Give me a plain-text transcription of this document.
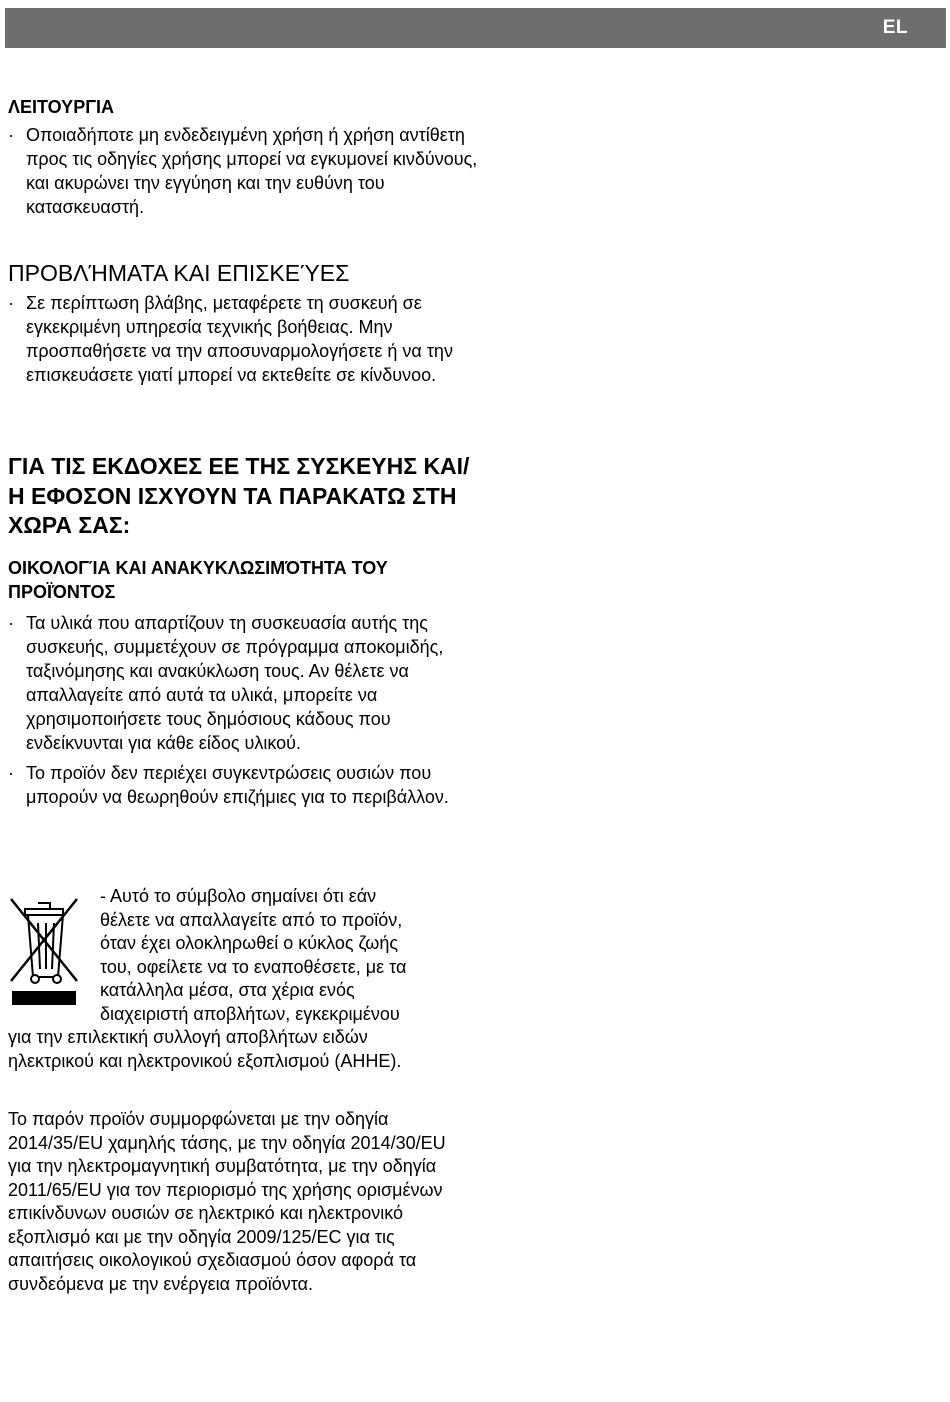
EL
ΛΕΙΤΟΥΡΓΙΑ
· Οποιαδήποτε μη ενδεδειγμένη χρήση ή χρήση αντίθετη προς τις οδηγίες χρήσης μπορεί να εγκυμονεί κινδύνους, και ακυρώνει την εγγύηση και την ευθύνη του κατασκευαστή.
ΠΡΟΒΛΉΜΑΤΑ ΚΑΙ ΕΠΙΣΚΕΎΕΣ
· Σε περίπτωση βλάβης, μεταφέρετε τη συσκευή σε εγκεκριμένη υπηρεσία τεχνικής βοήθειας. Μην προσπαθήσετε να την αποσυναρμολογήσετε ή να την επισκευάσετε γιατί μπορεί να εκτεθείτε σε κίνδυνοο.
ΓΙΑ ΤΙΣ ΕΚΔΟΧΕΣ ΕΕ ΤΗΣ ΣΥΣΚΕΥΗΣ ΚΑΙ/Η ΕΦΟΣΟΝ ΙΣΧΥΟΥΝ ΤΑ ΠΑΡΑΚΑΤΩ ΣΤΗ ΧΩΡΑ ΣΑΣ:
ΟΙΚΟΛΟΓΊΑ ΚΑΙ ΑΝΑΚΥΚΛΩΣΙΜΌΤΗΤΑ ΤΟΥ ΠΡΟΪΌΝΤΟΣ
· Τα υλικά που απαρτίζουν τη συσκευασία αυτής της συσκευής, συμμετέχουν σε πρόγραμμα αποκομιδής, ταξινόμησης και ανακύκλωση τους. Αν θέλετε να απαλλαγείτε από αυτά τα υλικά, μπορείτε να χρησιμοποιήσετε τους δημόσιους κάδους που ενδείκνυνται για κάθε είδος υλικού.
· Το προϊόν δεν περιέχει συγκεντρώσεις ουσιών που μπορούν να θεωρηθούν επιζήμιες για το περιβάλλον.

- Αυτό το σύμβολο σημαίνει ότι εάν

θέλετε να απαλλαγείτε από το προϊόν,

όταν έχει ολοκληρωθεί ο κύκλος ζωής

του, οφείλετε να το εναποθέσετε, με τα

κατάλληλα μέσα, στα χέρια ενός

διαχειριστή αποβλήτων, εγκεκριμένου

για την επιλεκτική συλλογή αποβλήτων ειδών

ηλεκτρικού και ηλεκτρονικού εξοπλισμού (ΑΗΗΕ).

Το παρόν προϊόν συμμορφώνεται με την οδηγία 2014/35/EU χαμηλής τάσης, με την οδηγία 2014/30/EU για την ηλεκτρομαγνητική συμβατότητα, με την οδηγία 2011/65/EU για τον περιορισμό της χρήσης ορισμένων επικίνδυνων ουσιών σε ηλεκτρικό και ηλεκτρονικό εξοπλισμό και με την οδηγία 2009/125/EC για τις απαιτήσεις οικολογικού σχεδιασμού όσον αφορά τα συνδεόμενα με την ενέργεια προϊόντα.
